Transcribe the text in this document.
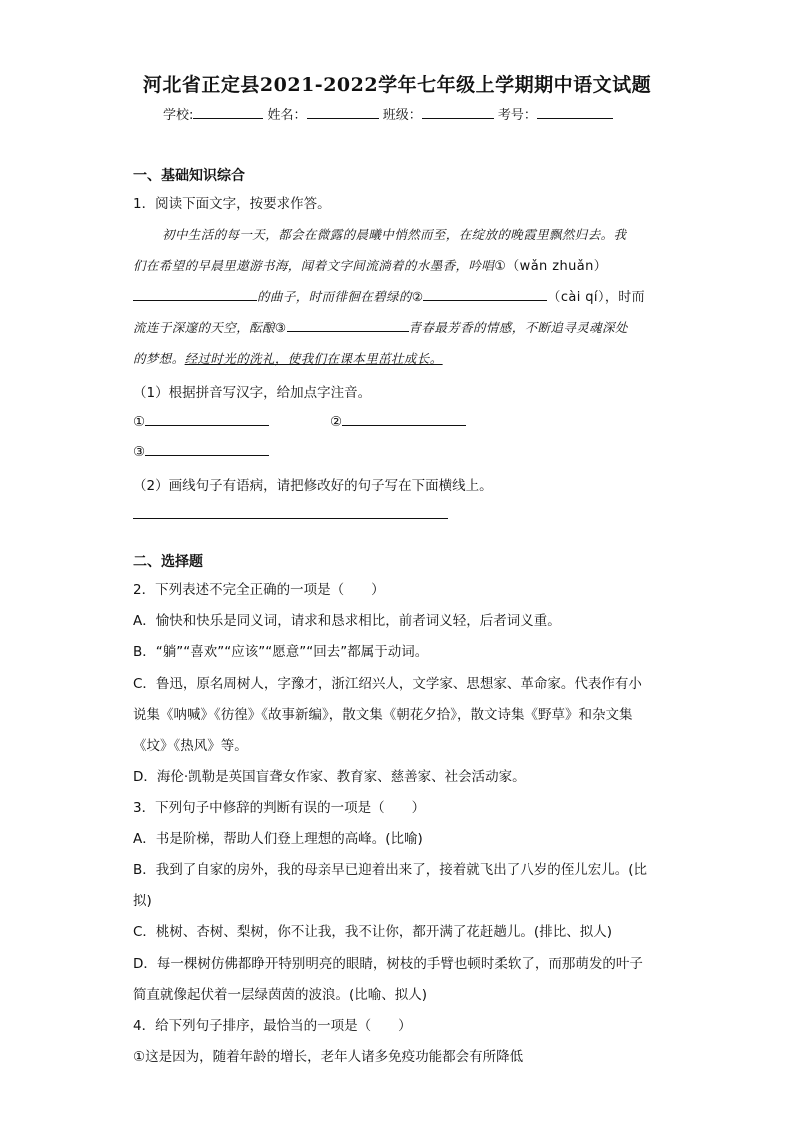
河北省正定县2021-2022学年七年级上学期期中语文试题
学校:	姓名：	班级：	考号：
一、基础知识综合
1．阅读下面文字，按要求作答。
初中生活的每一天，都会在微露的晨曦中悄然而至，在绽放的晚霞里飘然归去。我
们在希望的早晨里遨游书海，闻着文字间流淌着的水墨香，吟唱①（wǎn zhuǎn）
的曲子，时而徘徊在碧绿的②	（cài qí），时而
流连于深邃的天空，酝酿③	青春最芳香的情感，不断追寻灵魂深处
的梦想。经过时光的洗礼，使我们在课本里茁壮成长。
（1）根据拼音写汉字，给加点字注音。
①	②
③
（2）画线句子有语病，请把修改好的句子写在下面横线上。
二、选择题
2．下列表述不完全正确的一项是（　　）
A．愉快和快乐是同义词，请求和恳求相比，前者词义轻，后者词义重。
B．“躺”“喜欢”“应该”“愿意”“回去”都属于动词。
C．鲁迅，原名周树人，字豫才，浙江绍兴人，文学家、思想家、革命家。代表作有小
说集《呐喊》《彷徨》《故事新编》，散文集《朝花夕拾》，散文诗集《野草》和杂文集
《坟》《热风》等。
D．海伦·凯勒是英国盲聋女作家、教育家、慈善家、社会活动家。
3．下列句子中修辞的判断有误的一项是（　　）
A．书是阶梯，帮助人们登上理想的高峰。(比喻)
B．我到了自家的房外，我的母亲早已迎着出来了，接着就飞出了八岁的侄儿宏儿。(比
拟)
C．桃树、杏树、梨树，你不让我，我不让你，都开满了花赶趟儿。(排比、拟人)
D．每一棵树仿佛都睁开特别明亮的眼睛，树枝的手臂也顿时柔软了，而那萌发的叶子
简直就像起伏着一层绿茵茵的波浪。(比喻、拟人)
4．给下列句子排序，最恰当的一项是（　　）
①这是因为，随着年龄的增长，老年人诸多免疫功能都会有所降低
